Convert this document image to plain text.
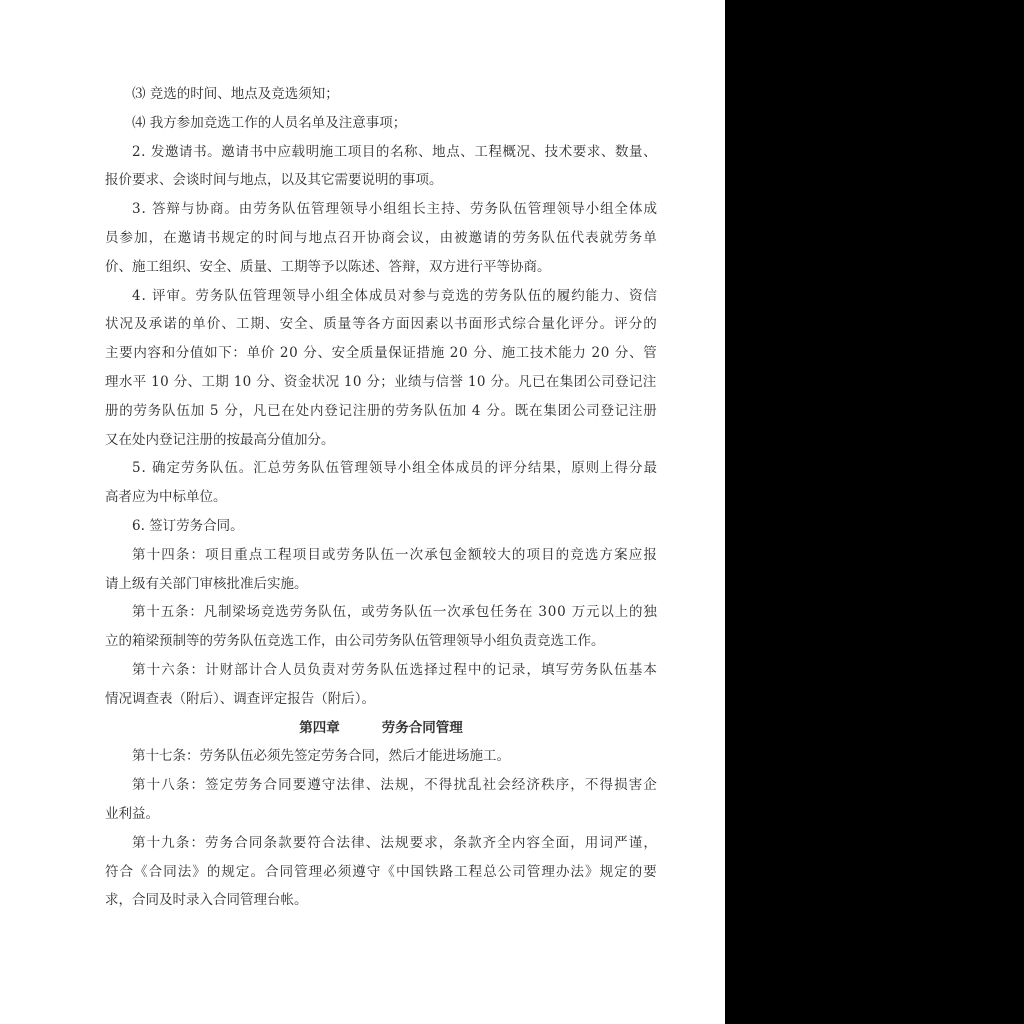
⑶ 竞选的时间、地点及竞选须知；
⑷ 我方参加竞选工作的人员名单及注意事项；
2 .
发 邀 请 书 。 邀 请 书 中 应 载 明 施 工 项 目 的 名 称 、 地 点 、 工 程 概 况 、 技 术 要 求 、 数 量 、
报价要求、会谈时间与地点，以及其它需要说明的事项。
3 .
答 辩 与 协 商 。 由 劳 务 队 伍 管 理 领 导 小 组 组 长 主 持 、 劳 务 队 伍 管 理 领 导 小 组 全 体 成
员 参 加 ， 在 邀 请 书 规 定 的 时 间 与 地 点 召 开 协 商 会 议 ， 由 被 邀 请 的 劳 务 队 伍 代 表 就 劳 务 单
价、施工组织、安全、质量、工期等予以陈述、答辩，双方进行平等协商。
4 .
评 审 。 劳 务 队 伍 管 理 领 导 小 组 全 体 成 员 对 参 与 竞 选 的 劳 务 队 伍 的 履 约 能 力 、 资 信
状 况 及 承 诺 的 单 价 、 工 期 、 安 全 、 质 量 等 各 方 面 因 素 以 书 面 形 式 综 合 量 化 评 分 。 评 分 的
主 要 内 容 和 分 值 如 下 ： 单 价
2 0
分 、 安 全 质 量 保 证 措 施
2 0
分 、 施 工 技 术 能 力
2 0
分 、 管
理 水 平
1 0
分 、 工 期
1 0
分 、 资 金 状 况
1 0
分 ； 业 绩 与 信 誉
1 0
分 。 凡 已 在 集 团 公 司 登 记 注
册 的 劳 务 队 伍 加
5
分 ， 凡 已 在 处 内 登 记 注 册 的 劳 务 队 伍 加
4
分 。 既 在 集 团 公 司 登 记 注 册
又在处内登记注册的按最高分值加分。
5 .
确 定 劳 务 队 伍 。 汇 总 劳 务 队 伍 管 理 领 导 小 组 全 体 成 员 的 评 分 结 果 ， 原 则 上 得 分 最
高者应为中标单位。
6. 签订劳务合同。
第 十 四 条 ： 项 目 重 点 工 程 项 目 或 劳 务 队 伍 一 次 承 包 金 额 较 大 的 项 目 的 竞 选 方 案 应 报
请上级有关部门审核批准后实施。
第 十 五 条 ： 凡 制 梁 场 竞 选 劳 务 队 伍 ， 或 劳 务 队 伍 一 次 承 包 任 务 在
3 0 0
万 元 以 上 的 独
立的箱梁预制等的劳务队伍竞选工作，由公司劳务队伍管理领导小组负责竞选工作。
第 十 六 条 ： 计 财 部 计 合 人 员 负 责 对 劳 务 队 伍 选 择 过 程 中 的 记 录 ， 填 写 劳 务 队 伍 基 本
情况调查表（附后）、调查评定报告（附后）。
第四章	劳务合同管理
第十七条：劳务队伍必须先签定劳务合同，然后才能进场施工。
第 十 八 条 ： 签 定 劳 务 合 同 要 遵 守 法 律 、 法 规 ， 不 得 扰 乱 社 会 经 济 秩 序 ， 不 得 损 害 企
业利益。
第 十 九 条 ： 劳 务 合 同 条 款 要 符 合 法 律 、 法 规 要 求 ， 条 款 齐 全 内 容 全 面 ， 用 词 严 谨 ，
符 合 《 合 同 法 》 的 规 定 。 合 同 管 理 必 须 遵 守 《 中 国 铁 路 工 程 总 公 司 管 理 办 法 》 规 定 的 要
求，合同及时录入合同管理台帐。
